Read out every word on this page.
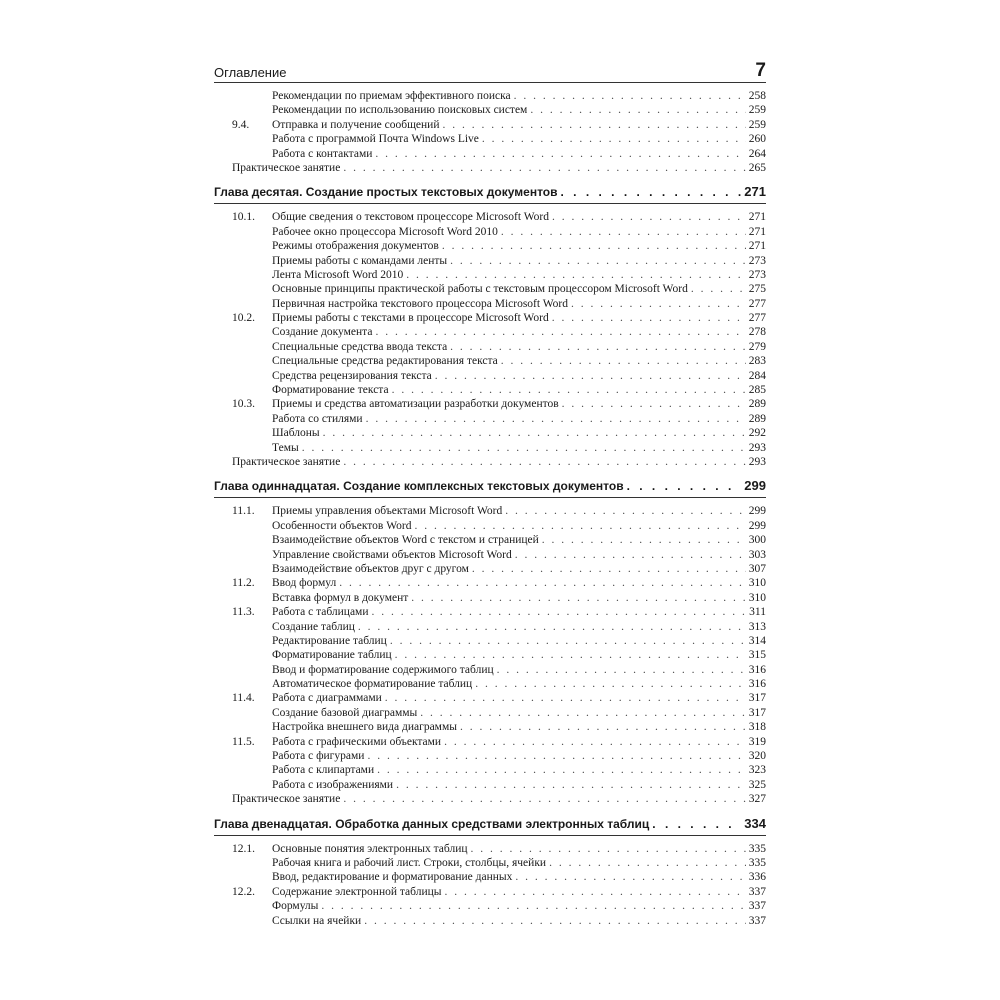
Оглавление	7
Рекомендации по приемам эффективного поиска . . .	258
Рекомендации по использованию поисковых систем . . .	259
9.4.	Отправка и получение сообщений . . .	259
Работа с программой Почта Windows Live . . .	260
Работа с контактами . . .	264
Практическое занятие . . .	265
Глава десятая. Создание простых текстовых документов . . .	271
10.1.	Общие сведения о текстовом процессоре Microsoft Word . . .	271
Рабочее окно процессора Microsoft Word 2010 . . .	271
Режимы отображения документов . . .	271
Приемы работы с командами ленты . . .	273
Лента Microsoft Word 2010 . . .	273
Основные принципы практической работы с текстовым процессором Microsoft Word . . .	275
Первичная настройка текстового процессора Microsoft Word . . .	277
10.2.	Приемы работы с текстами в процессоре Microsoft Word . . .	277
Создание документа . . .	278
Специальные средства ввода текста . . .	279
Специальные средства редактирования текста . . .	283
Средства рецензирования текста . . .	284
Форматирование текста . . .	285
10.3.	Приемы и средства автоматизации разработки документов . . .	289
Работа со стилями . . .	289
Шаблоны . . .	292
Темы . . .	293
Практическое занятие . . .	293
Глава одиннадцатая. Создание комплексных текстовых документов . . .	299
11.1.	Приемы управления объектами Microsoft Word . . .	299
Особенности объектов Word . . .	299
Взаимодействие объектов Word с текстом и страницей . . .	300
Управление свойствами объектов Microsoft Word . . .	303
Взаимодействие объектов друг с другом . . .	307
11.2.	Ввод формул . . .	310
Вставка формул в документ . . .	310
11.3.	Работа с таблицами . . .	311
Создание таблиц . . .	313
Редактирование таблиц . . .	314
Форматирование таблиц . . .	315
Ввод и форматирование содержимого таблиц . . .	316
Автоматическое форматирование таблиц . . .	316
11.4.	Работа с диаграммами . . .	317
Создание базовой диаграммы . . .	317
Настройка внешнего вида диаграммы . . .	318
11.5.	Работа с графическими объектами . . .	319
Работа с фигурами . . .	320
Работа с клипартами . . .	323
Работа с изображениями . . .	325
Практическое занятие . . .	327
Глава двенадцатая. Обработка данных средствами электронных таблиц . . .	334
12.1.	Основные понятия электронных таблиц . . .	335
Рабочая книга и рабочий лист. Строки, столбцы, ячейки . . .	335
Ввод, редактирование и форматирование данных . . .	336
12.2.	Содержание электронной таблицы . . .	337
Формулы . . .	337
Ссылки на ячейки . . .	337
